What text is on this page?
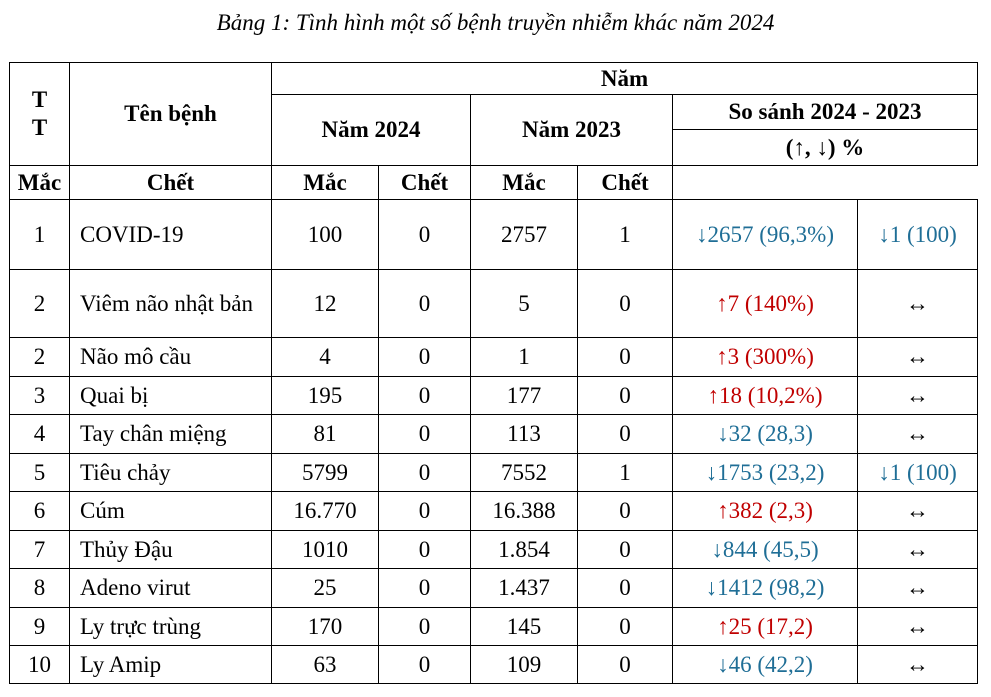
Bảng 1: Tình hình một số bệnh truyền nhiễm khác năm 2024
T T	Tên bệnh	Năm					
		Năm 2024		Năm 2023		So sánh 2024 - 2023	
						(↑, ↓) %	
Mắc	Chết	Mắc	Chết	Mắc	Chết		
1	COVID-19	100	0	2757	1	↓2657 (96,3%)	↓1 (100)
2	Viêm não nhật bản	12	0	5	0	↑7 (140%)	↔
2	Não mô cầu	4	0	1	0	↑3 (300%)	↔
3	Quai bị	195	0	177	0	↑18 (10,2%)	↔
4	Tay chân miệng	81	0	113	0	↓32 (28,3)	↔
5	Tiêu chảy	5799	0	7552	1	↓1753 (23,2)	↓1 (100)
6	Cúm	16.770	0	16.388	0	↑382 (2,3)	↔
7	Thủy Đậu	1010	0	1.854	0	↓844 (45,5)	↔
8	Adeno virut	25	0	1.437	0	↓1412 (98,2)	↔
9	Ly trực trùng	170	0	145	0	↑25 (17,2)	↔
10	Ly Amip	63	0	109	0	↓46 (42,2)	↔
